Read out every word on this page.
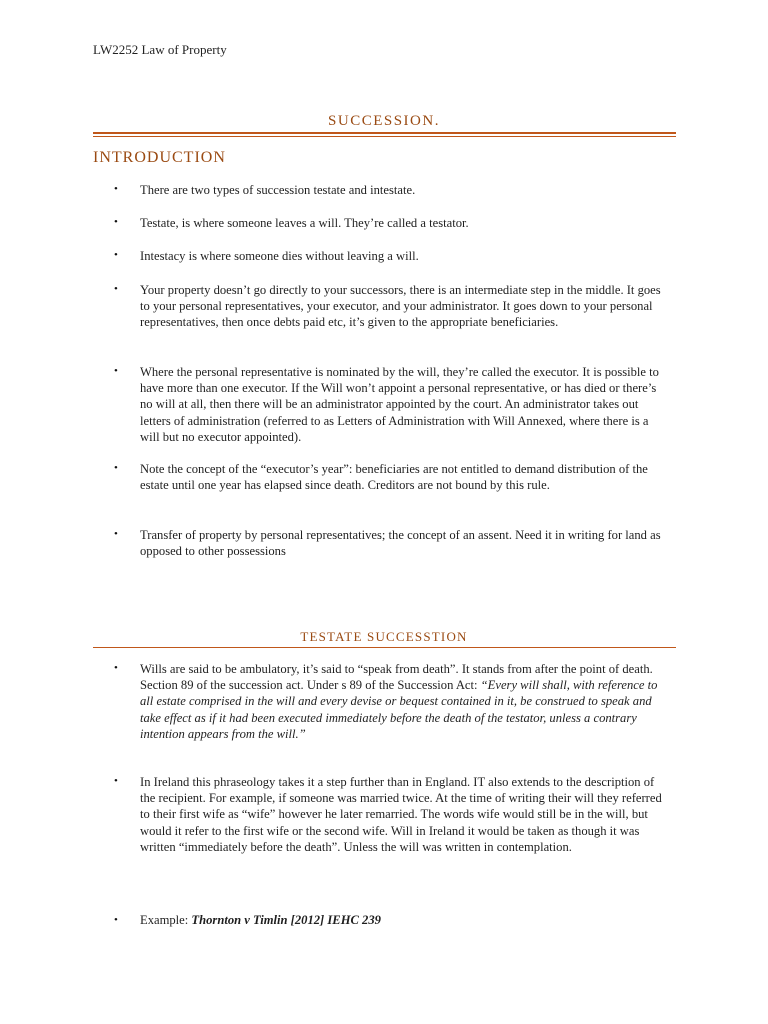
LW2252 Law of Property
SUCCESSION.
INTRODUCTION
• There are two types of succession testate and intestate.
• Testate, is where someone leaves a will. They’re called a testator.
• Intestacy is where someone dies without leaving a will.
• Your property doesn’t go directly to your successors, there is an intermediate step in the middle. It goes to your personal representatives, your executor, and your administrator. It goes down to your personal representatives, then once debts paid etc, it’s given to the appropriate beneficiaries.
• Where the personal representative is nominated by the will, they’re called the executor. It is possible to have more than one executor. If the Will won’t appoint a personal representative, or has died or there’s no will at all, then there will be an administrator appointed by the court. An administrator takes out letters of administration (referred to as Letters of Administration with Will Annexed, where there is a will but no executor appointed).
• Note the concept of the “executor’s year”: beneficiaries are not entitled to demand distribution of the estate until one year has elapsed since death. Creditors are not bound by this rule.
• Transfer of property by personal representatives; the concept of an assent. Need it in writing for land as opposed to other possessions
TESTATE SUCCESSTION
• Wills are said to be ambulatory, it’s said to “speak from death”. It stands from after the point of death.

Section 89 of the succession act. Under s 89 of the Succession Act: “Every will shall, with reference to all estate comprised in the will and every devise or bequest contained in it, be construed to speak and take effect as if it had been executed immediately before the death of the testator, unless a contrary intention appears from the will.”

• In Ireland this phraseology takes it a step further than in England. IT also extends to the description of the recipient. For example, if someone was married twice. At the time of writing their will they referred to their first wife as “wife” however he later remarried. The words wife would still be in the will, but would it refer to the first wife or the second wife. Will in Ireland it would be taken as though it was written “immediately before the death”. Unless the will was written in contemplation.
• Example: Thornton v Timlin [2012] IEHC 239
